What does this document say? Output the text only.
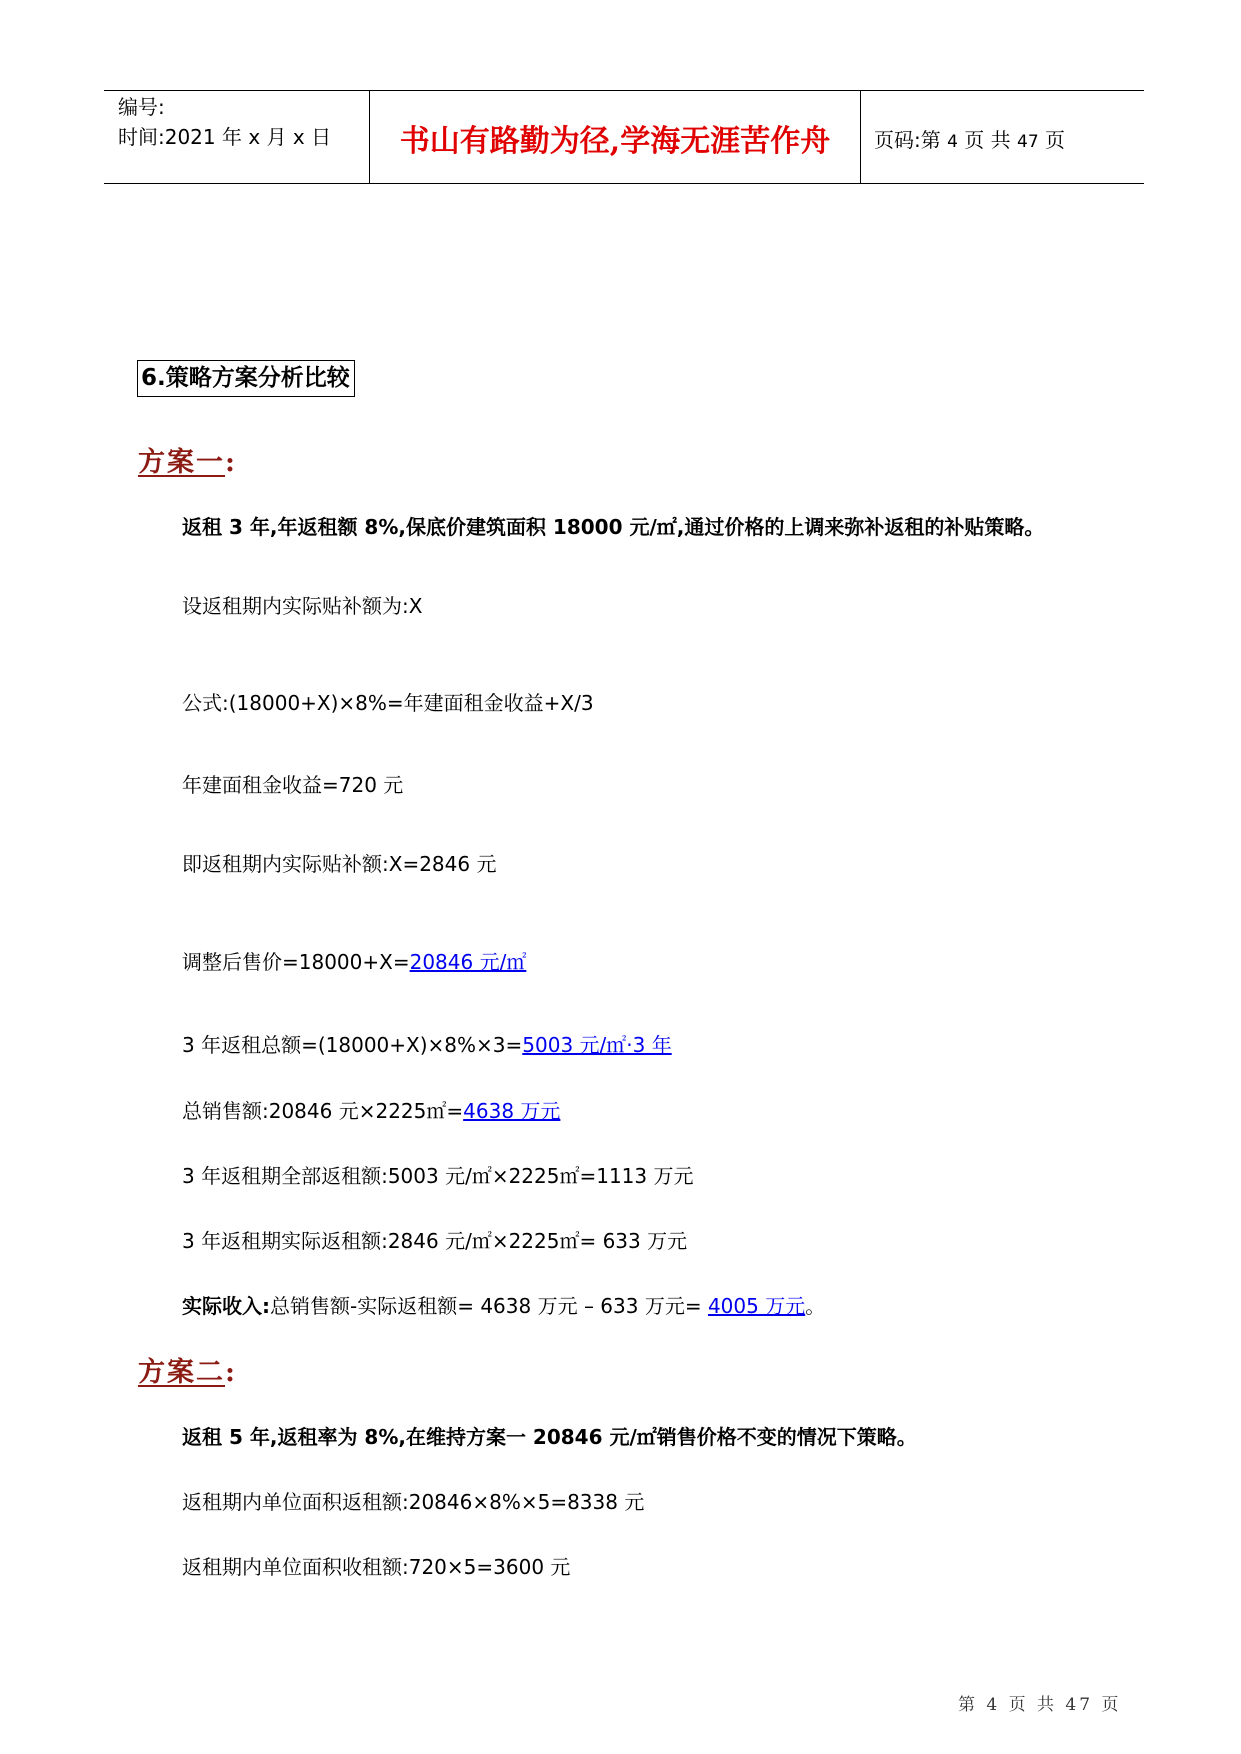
编号:
时间:2021 年 x 月 x 日	书山有路勤为径,学海无涯苦作舟	页码:第 4 页 共 47 页
6.策略方案分析比较
方案一:
返租 3 年,年返租额 8%,保底价建筑面积 18000 元/㎡,通过价格的上调来弥补返租的补贴策略。
设返租期内实际贴补额为:X
公式:(18000+X)×8%=年建面租金收益+X/3
年建面租金收益=720 元
即返租期内实际贴补额:X=2846 元
调整后售价=18000+X=20846 元/㎡
3 年返租总额=(18000+X)×8%×3=5003 元/㎡·3 年
总销售额:20846 元×2225㎡=4638 万元
3 年返租期全部返租额:5003 元/㎡×2225㎡=1113 万元
3 年返租期实际返租额:2846 元/㎡×2225㎡= 633 万元
实际收入:总销售额-实际返租额= 4638 万元 – 633 万元= 4005 万元。
方案二:
返租 5 年,返租率为 8%,在维持方案一 20846 元/㎡销售价格不变的情况下策略。
返租期内单位面积返租额:20846×8%×5=8338 元
返租期内单位面积收租额:720×5=3600 元
第 4 页 共 47 页
